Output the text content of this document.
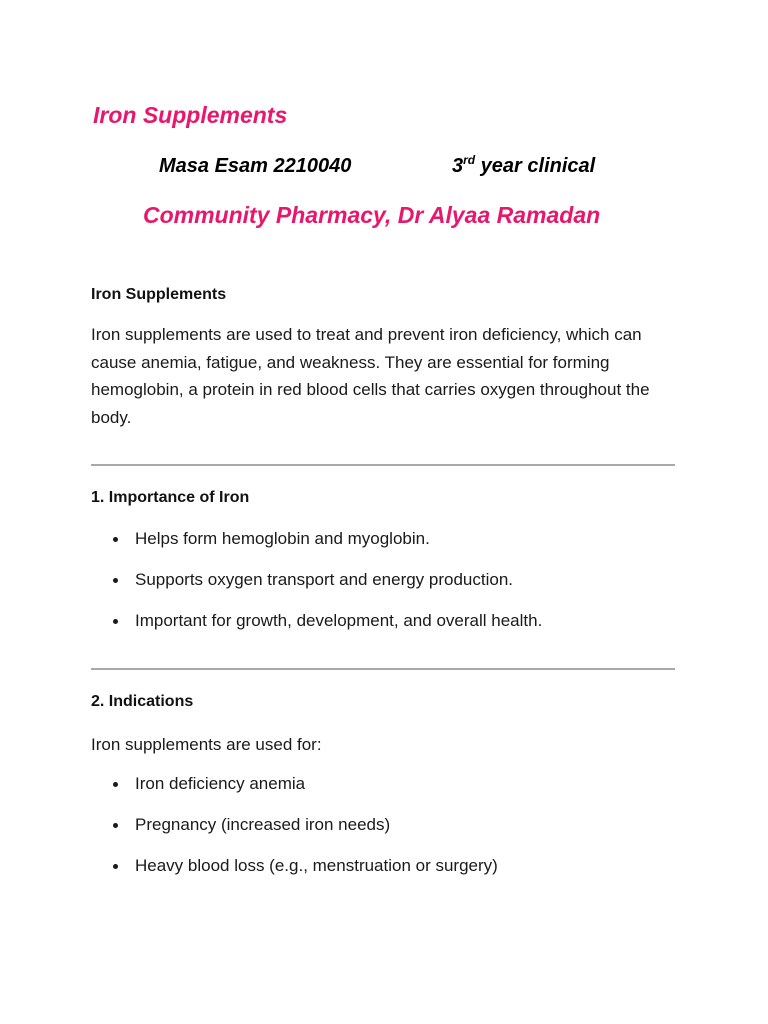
Iron Supplements
Masa Esam 2210040	3rd year clinical
Community Pharmacy, Dr Alyaa Ramadan
Iron Supplements

Iron supplements are used to treat and prevent iron deficiency, which can cause anemia, fatigue, and weakness. They are essential for forming hemoglobin, a protein in red blood cells that carries oxygen throughout the body.

1. Importance of Iron
Helps form hemoglobin and myoglobin.
Supports oxygen transport and energy production.
Important for growth, development, and overall health.
2. Indications

Iron supplements are used for:

Iron deficiency anemia
Pregnancy (increased iron needs)
Heavy blood loss (e.g., menstruation or surgery)
